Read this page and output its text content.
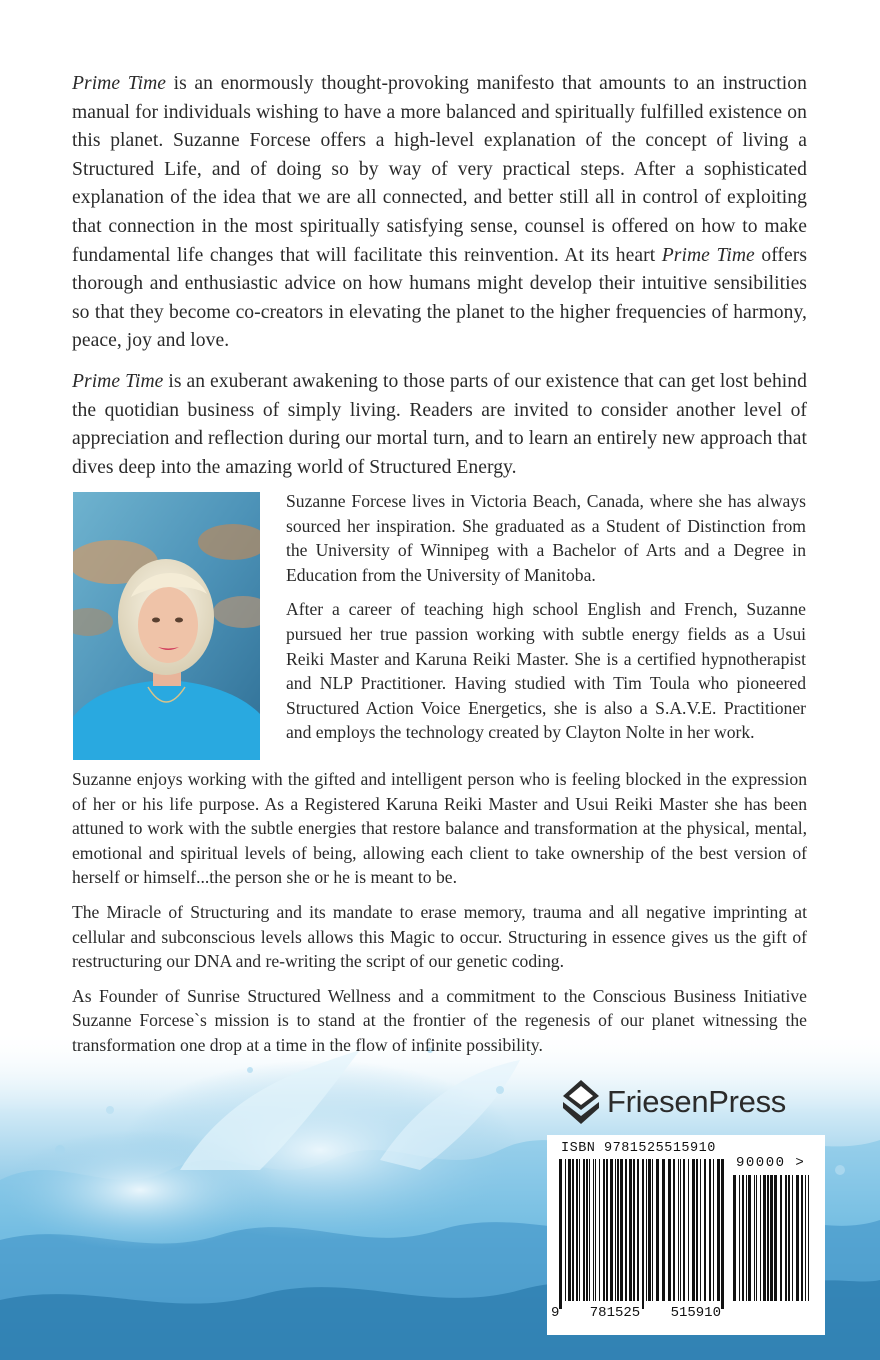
Prime Time is an enormously thought-provoking manifesto that amounts to an instruction manual for individuals wishing to have a more balanced and spiritually fulfilled existence on this planet. Suzanne Forcese offers a high-level explanation of the concept of living a Structured Life, and of doing so by way of very practical steps. After a sophisticated explanation of the idea that we are all connected, and better still all in control of exploiting that connection in the most spiritually satisfying sense, counsel is offered on how to make fundamental life changes that will facilitate this reinvention. At its heart Prime Time offers thorough and enthusiastic advice on how humans might develop their intuitive sensibilities so that they become co-creators in elevating the planet to the higher frequencies of harmony, peace, joy and love.

Prime Time is an exuberant awakening to those parts of our existence that can get lost behind the quotidian business of simply living. Readers are invited to consider another level of appreciation and reflection during our mortal turn, and to learn an entirely new approach that dives deep into the amazing world of Structured Energy.

Suzanne Forcese lives in Victoria Beach, Canada, where she has always sourced her inspiration. She graduated as a Student of Distinction from the University of Winnipeg with a Bachelor of Arts and a Degree in Education from the University of Manitoba.

After a career of teaching high school English and French, Suzanne pursued her true passion working with subtle energy fields as a Usui Reiki Master and Karuna Reiki Master. She is a certified hypnotherapist and NLP Practitioner. Having studied with Tim Toula who pioneered Structured Action Voice Energetics, she is also a S.A.V.E. Practitioner and employs the technology created by Clayton Nolte in her work.

Suzanne enjoys working with the gifted and intelligent person who is feeling blocked in the expression of her or his life purpose. As a Registered Karuna Reiki Master and Usui Reiki Master she has been attuned to work with the subtle energies that restore balance and transformation at the physical, mental, emotional and spiritual levels of being, allowing each client to take ownership of the best version of herself or himself...the person she or he is meant to be.

The Miracle of Structuring and its mandate to erase memory, trauma and all negative imprinting at cellular and subconscious levels allows this Magic to occur. Structuring in essence gives us the gift of restructuring our DNA and re-writing the script of our genetic coding.

As Founder of Sunrise Structured Wellness and a commitment to the Conscious Business Initiative Suzanne Forcese`s mission is to stand at the frontier of the regenesis of our planet witnessing the transformation one drop at a time in the flow of infinite possibility.

FriesenPress
ISBN 9781525515910
90000 >
9 781525 515910
